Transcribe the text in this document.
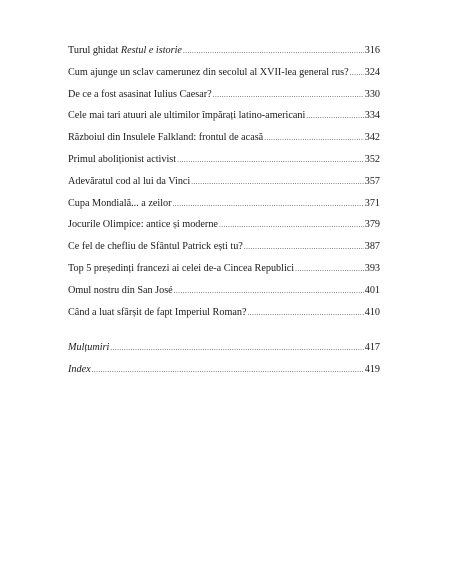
Turul ghidat Restul e istorie .....	316
Cum ajunge un sclav camerunez din secolul al XVII-lea general rus? ..... 324
De ce a fost asasinat Iulius Caesar? .....	330
Cele mai tari atuuri ale ultimilor împărați latino-americani .....	334
Războiul din Insulele Falkland: frontul de acasă .....	342
Primul aboliționist activist .....	352
Adevăratul cod al lui da Vinci .....	357
Cupa Mondială... a zeilor .....	371
Jocurile Olimpice: antice și moderne .....	379
Ce fel de chefliu de Sfântul Patrick ești tu? .....	387
Top 5 președinți francezi ai celei de-a Cincea Republici .....	393
Omul nostru din San José .....	401
Când a luat sfârșit de fapt Imperiul Roman? .....	410
Mulțumiri .....	417
Index .....	419
